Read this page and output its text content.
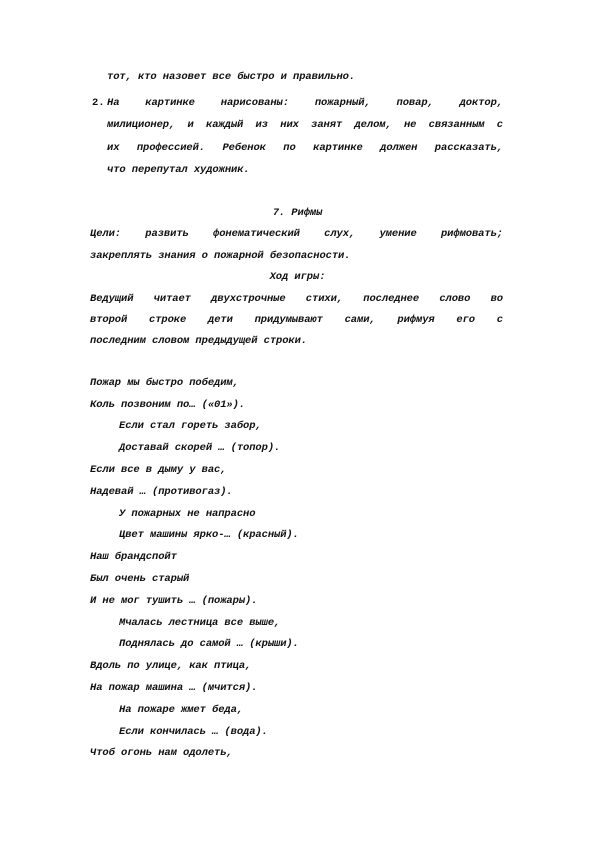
тот, кто назовет все быстро и правильно.
2. На картинке нарисованы: пожарный, повар, доктор,
милиционер, и каждый из них занят делом, не связанным с
их профессией. Ребенок по картинке должен рассказать,
что перепутал художник.
7. Рифмы
Цели: развить фонематический слух, умение рифмовать;
закреплять знания о пожарной безопасности.
Ход игры:
Ведущий читает двухстрочные стихи, последнее слово во
второй строке дети придумывают сами, рифмуя его с
последним словом предыдущей строки.
Пожар мы быстро победим,
Коль позвоним по… («01»).
Если стал гореть забор,
Доставай скорей … (топор).
Если все в дыму у вас,
Надевай … (противогаз).
У пожарных не напрасно
Цвет машины ярко-… (красный).
Наш брандспойт
Был очень старый
И не мог тушить … (пожары).
Мчалась лестница все выше,
Поднялась до самой … (крыши).
Вдоль по улице, как птица,
На пожар машина … (мчится).
На пожаре жмет беда,
Если кончилась … (вода).
Чтоб огонь нам одолеть,
